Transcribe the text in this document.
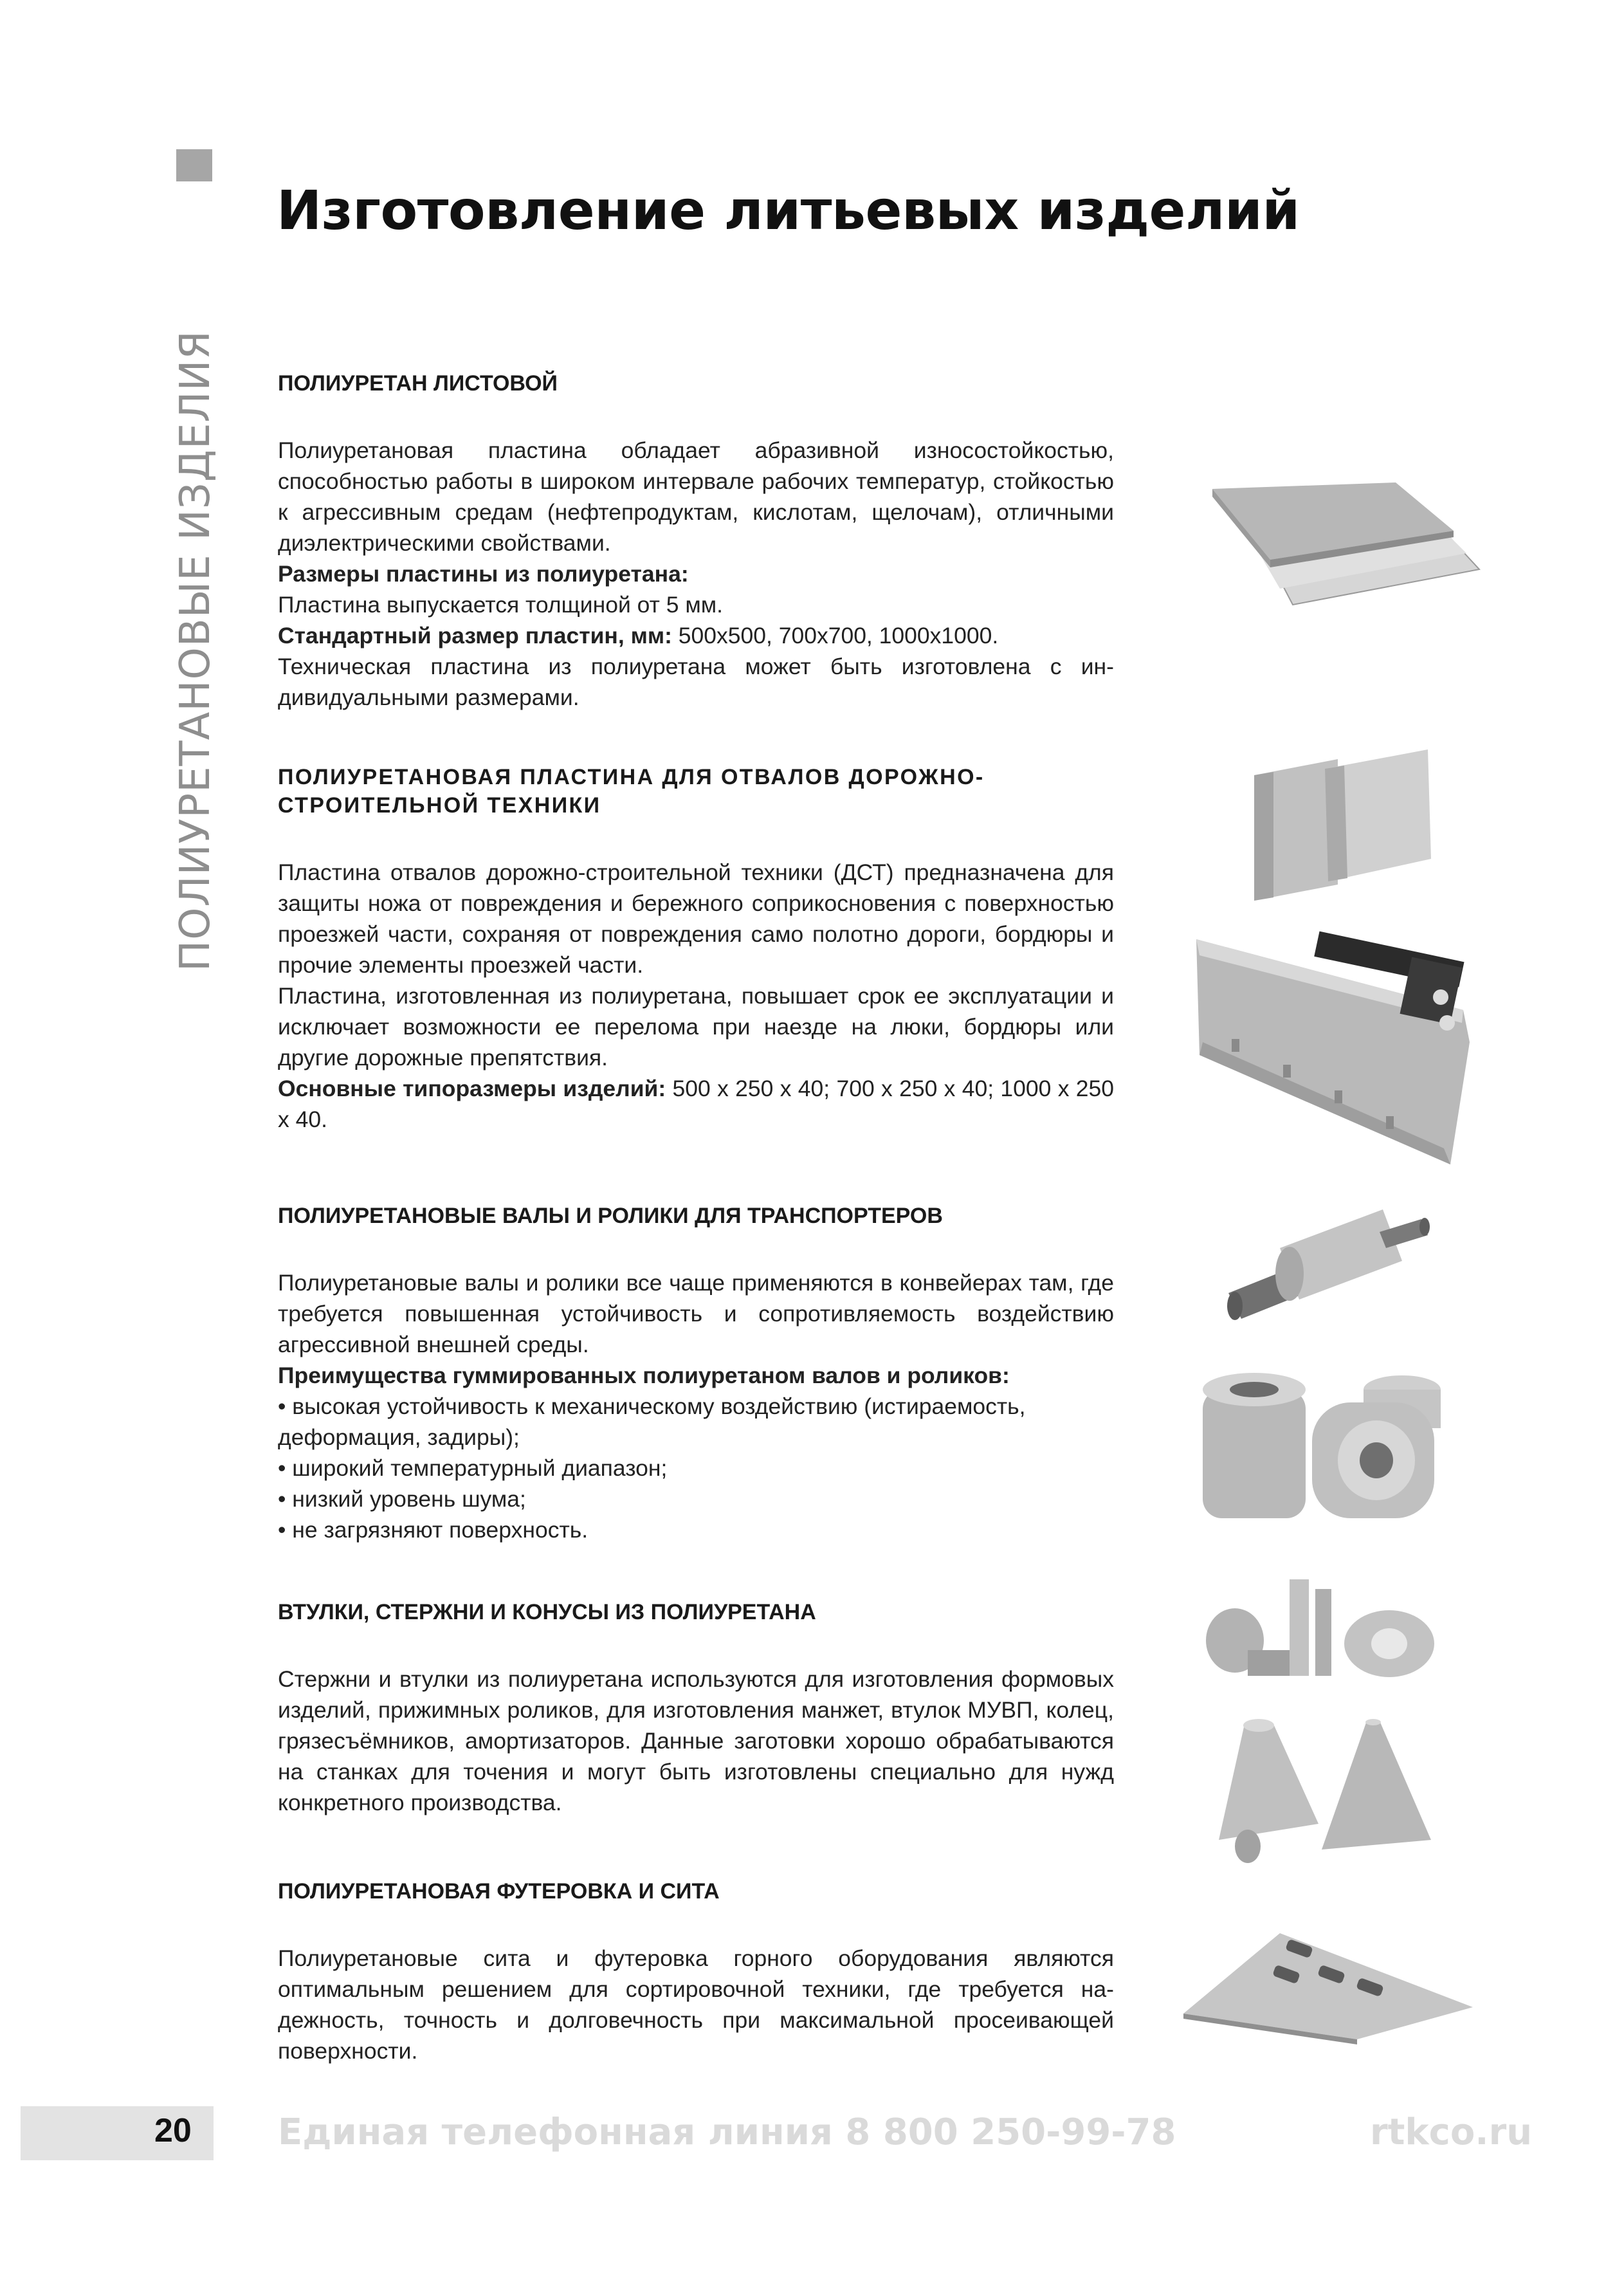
ПОЛИУРЕТАНОВЫЕ ИЗДЕЛИЯ
Изготовление литьевых изделий
ПОЛИУРЕТАН ЛИСТОВОЙ

Полиуретановая пластина обладает абразивной износостойкостью, способностью работы в широком интервале рабочих температур, стойкостью к агрессивным средам (нефтепродуктам, кислотам, щелочам), отличными диэлектрическими свойствами.

Размеры пластины из полиуретана:

Пластина выпускается толщиной от 5 мм.

Стандартный размер пластин, мм: 500x500, 700x700, 1000x1000.

Техническая пластина из полиуретана может быть изготовлена с индивидуальными размерами.

ПОЛИУРЕТАНОВАЯ ПЛАСТИНА ДЛЯ ОТВАЛОВ ДОРОЖНО-СТРОИТЕЛЬНОЙ ТЕХНИКИ

Пластина отвалов дорожно-строительной техники (ДСТ) предназначена для защиты ножа от повреждения и бережного соприкосновения с поверхностью проезжей части, сохраняя от повреждения само полотно дороги, бордюры и прочие элементы проезжей части.

Пластина, изготовленная из полиуретана, повышает срок ее эксплуатации и исключает возможности ее перелома при наезде на люки, бордюры или другие дорожные препятствия.

Основные типоразмеры изделий: 500 x 250 x 40; 700 x 250 x 40; 1000 x 250 x 40.

ПОЛИУРЕТАНОВЫЕ ВАЛЫ И РОЛИКИ ДЛЯ ТРАНСПОРТЕРОВ

Полиуретановые валы и ролики все чаще применяются в конвейерах там, где требуется повышенная устойчивость и сопротивляемость воздействию агрессивной внешней среды.

Преимущества гуммированных полиуретаном валов и роликов:

• высокая устойчивость к механическому воздействию (истираемость, деформация, задиры);

• широкий температурный диапазон;

• низкий уровень шума;

• не загрязняют поверхность.

ВТУЛКИ, СТЕРЖНИ И КОНУСЫ ИЗ ПОЛИУРЕТАНА

Стержни и втулки из полиуретана используются для изготовления формовых изделий, прижимных роликов, для изготовления манжет, втулок МУВП, колец, грязесъёмников, амортизаторов. Данные заготовки хорошо обрабатываются на станках для точения и могут быть изготовлены специально для нужд конкретного производства.

ПОЛИУРЕТАНОВАЯ ФУТЕРОВКА И СИТА

Полиуретановые сита и футеровка горного оборудования являются оптимальным решением для сортировочной техники, где требуется надежность, точность и долговечность при максимальной просеивающей поверхности.

20 Единая телефонная линия 8 800 250-99-78	rtkco.ru
